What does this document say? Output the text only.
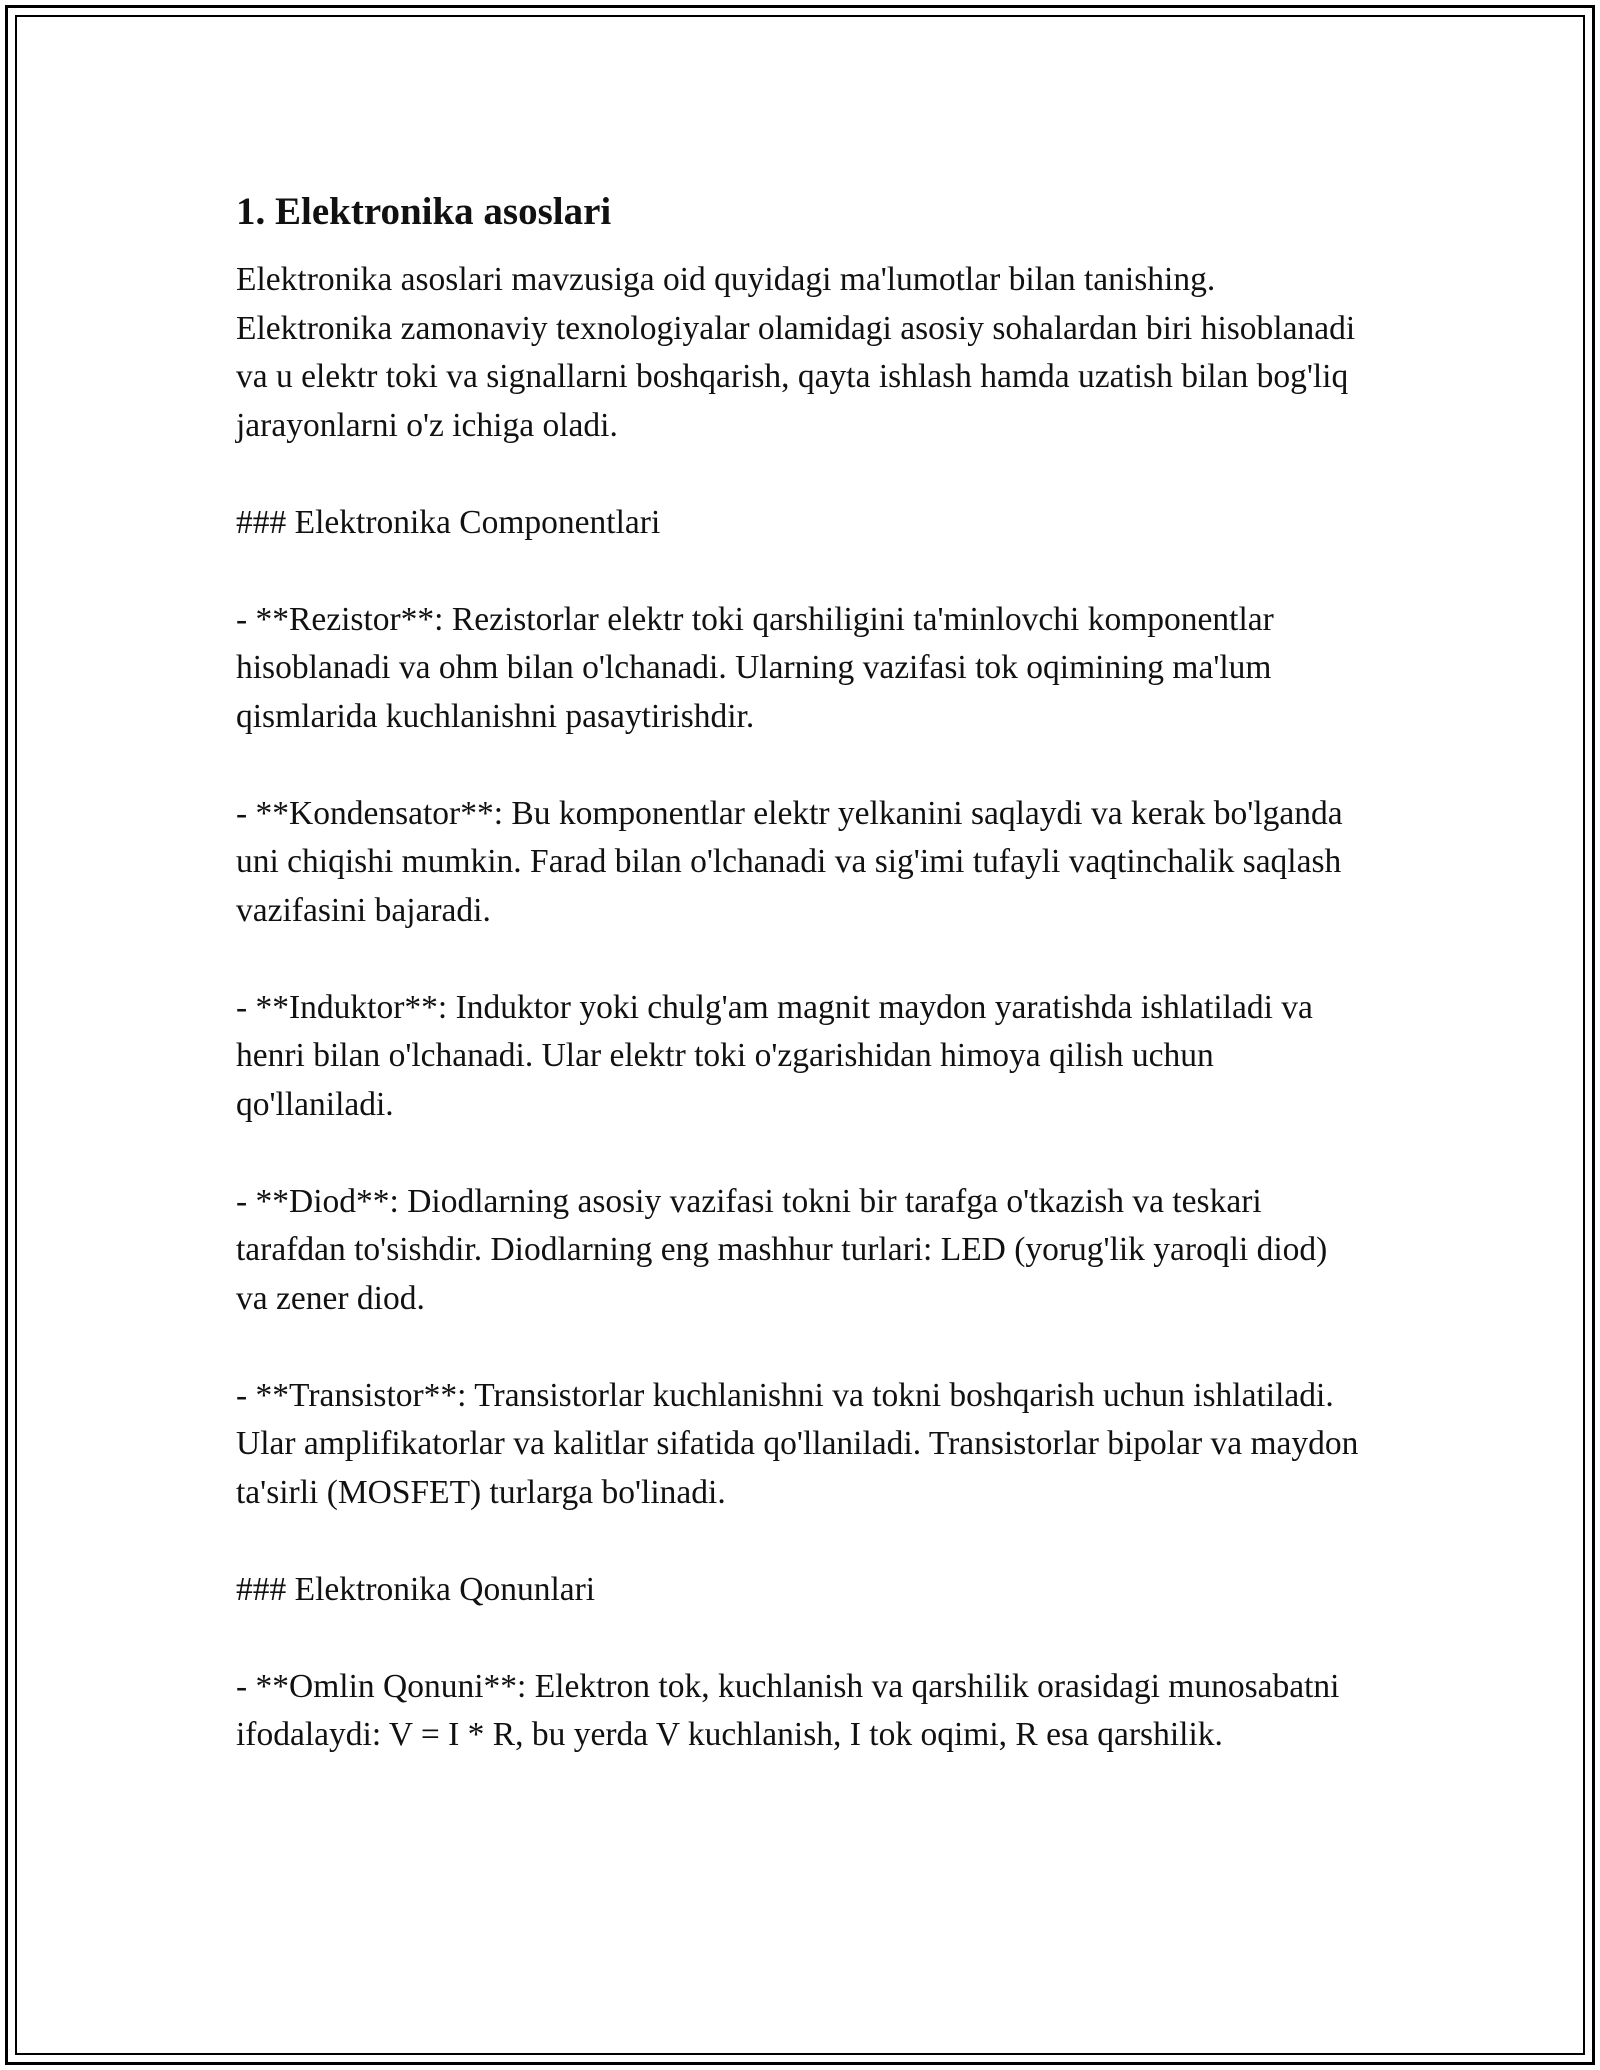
1. Elektronika asoslari
Elektronika asoslari mavzusiga oid quyidagi ma'lumotlar bilan tanishing. Elektronika zamonaviy texnologiyalar olamidagi asosiy sohalardan biri hisoblanadi va u elektr toki va signallarni boshqarish, qayta ishlash hamda uzatish bilan bog'liq jarayonlarni o'z ichiga oladi.
### Elektronika Componentlari
- **Rezistor**: Rezistorlar elektr toki qarshiligini ta'minlovchi komponentlar hisoblanadi va ohm bilan o'lchanadi. Ularning vazifasi tok oqimining ma'lum qismlarida kuchlanishni pasaytirishdir.
- **Kondensator**: Bu komponentlar elektr yelkanini saqlaydi va kerak bo'lganda uni chiqishi mumkin. Farad bilan o'lchanadi va sig'imi tufayli vaqtinchalik saqlash vazifasini bajaradi.
- **Induktor**: Induktor yoki chulg'am magnit maydon yaratishda ishlatiladi va henri bilan o'lchanadi. Ular elektr toki o'zgarishidan himoya qilish uchun qo'llaniladi.
- **Diod**: Diodlarning asosiy vazifasi tokni bir tarafga o'tkazish va teskari tarafdan to'sishdir. Diodlarning eng mashhur turlari: LED (yorug'lik yaroqli diod) va zener diod.
- **Transistor**: Transistorlar kuchlanishni va tokni boshqarish uchun ishlatiladi. Ular amplifikatorlar va kalitlar sifatida qo'llaniladi. Transistorlar bipolar va maydon ta'sirli (MOSFET) turlarga bo'linadi.
### Elektronika Qonunlari
- **Omlin Qonuni**: Elektron tok, kuchlanish va qarshilik orasidagi munosabatni ifodalaydi: V = I * R, bu yerda V kuchlanish, I tok oqimi, R esa qarshilik.
